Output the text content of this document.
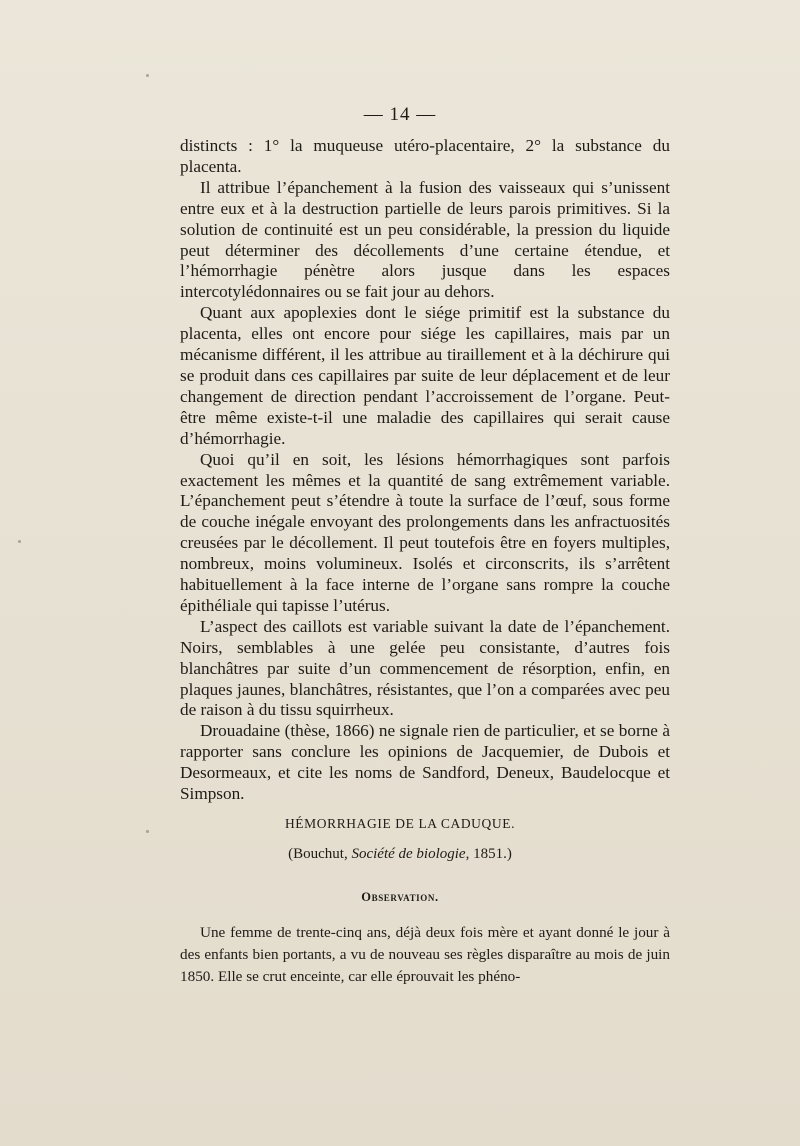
— 14 —

distincts : 1° la muqueuse utéro-placentaire, 2° la substance du placenta.

Il attribue l’épanchement à la fusion des vaisseaux qui s’unissent entre eux et à la destruction partielle de leurs parois primitives. Si la solution de continuité est un peu considérable, la pression du liquide peut déterminer des décollements d’une certaine étendue, et l’hémorrhagie pénètre alors jusque dans les espaces intercotylédonnaires ou se fait jour au dehors.

Quant aux apoplexies dont le siége primitif est la substance du placenta, elles ont encore pour siége les capillaires, mais par un mécanisme différent, il les attribue au tiraillement et à la déchirure qui se produit dans ces capillaires par suite de leur déplacement et de leur changement de direction pendant l’accroissement de l’organe. Peut-être même existe-t-il une maladie des capillaires qui serait cause d’hémorrhagie.

Quoi qu’il en soit, les lésions hémorrhagiques sont parfois exactement les mêmes et la quantité de sang extrêmement variable. L’épanchement peut s’étendre à toute la surface de l’œuf, sous forme de couche inégale envoyant des prolongements dans les anfractuosités creusées par le décollement. Il peut toutefois être en foyers multiples, nombreux, moins volumineux. Isolés et circonscrits, ils s’arrêtent habituellement à la face interne de l’organe sans rompre la couche épithéliale qui tapisse l’utérus.

L’aspect des caillots est variable suivant la date de l’épanchement. Noirs, semblables à une gelée peu consistante, d’autres fois blanchâtres par suite d’un commencement de résorption, enfin, en plaques jaunes, blanchâtres, résistantes, que l’on a comparées avec peu de raison à du tissu squirrheux.

Drouadaine (thèse, 1866) ne signale rien de particulier, et se borne à rapporter sans conclure les opinions de Jacquemier, de Dubois et Desormeaux, et cite les noms de Sandford, Deneux, Baudelocque et Simpson.

HÉMORRHAGIE DE LA CADUQUE.
(Bouchut, Société de biologie, 1851.)
Observation.

Une femme de trente-cinq ans, déjà deux fois mère et ayant donné le jour à des enfants bien portants, a vu de nouveau ses règles disparaître au mois de juin 1850. Elle se crut enceinte, car elle éprouvait les phéno-
